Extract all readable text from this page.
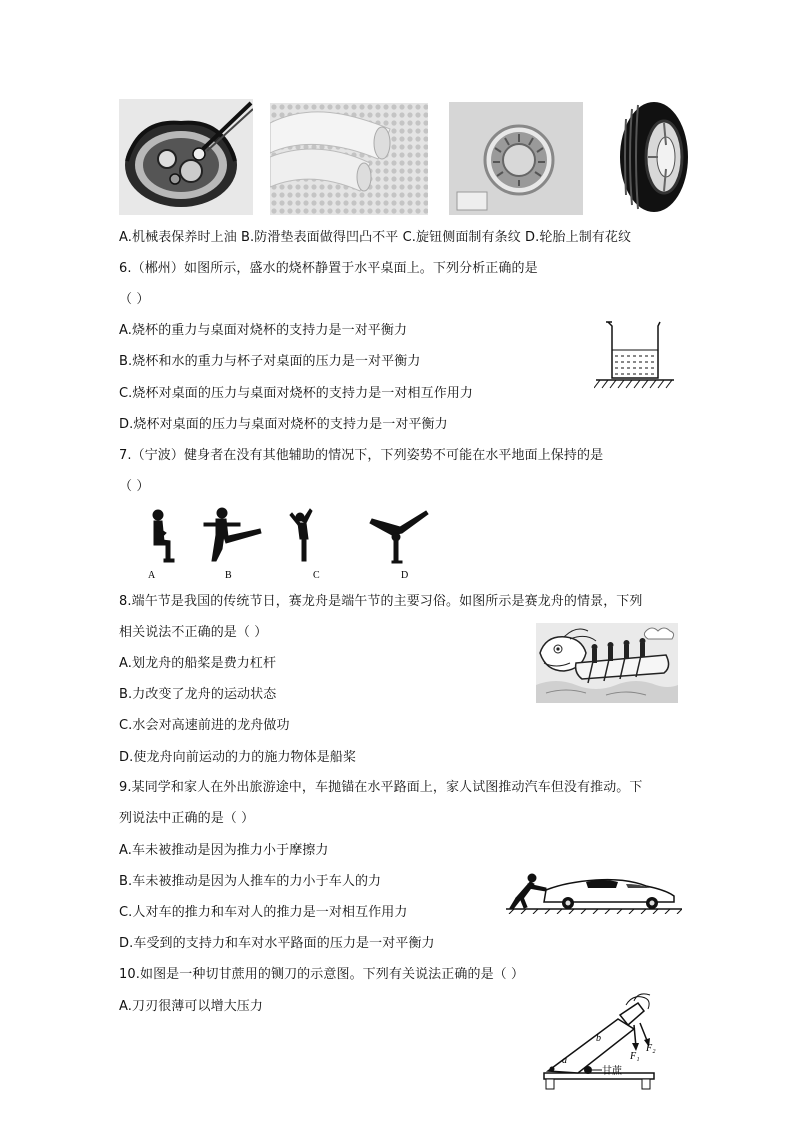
A.机械表保养时上油 B.防滑垫表面做得凹凸不平 C.旋钮侧面制有条纹 D.轮胎上制有花纹
6.（郴州）如图所示，盛水的烧杯静置于水平桌面上。下列分析正确的是
（ ）
A.烧杯的重力与桌面对烧杯的支持力是一对平衡力
B.烧杯和水的重力与杯子对桌面的压力是一对平衡力
C.烧杯对桌面的压力与桌面对烧杯的支持力是一对相互作用力
D.烧杯对桌面的压力与桌面对烧杯的支持力是一对平衡力
7.（宁波）健身者在没有其他辅助的情况下，下列姿势不可能在水平地面上保持的是
（ ）
A	B	C	D
8.端午节是我国的传统节日，赛龙舟是端午节的主要习俗。如图所示是赛龙舟的情景，下列
相关说法不正确的是（ ）
A.划龙舟的船桨是费力杠杆
B.力改变了龙舟的运动状态
C.水会对高速前进的龙舟做功
D.使龙舟向前运动的力的施力物体是船桨
9.某同学和家人在外出旅游途中，车抛锚在水平路面上，家人试图推动汽车但没有推动。下
列说法中正确的是（ ）
A.车未被推动是因为推力小于摩擦力
B.车未被推动是因为人推车的力小于车人的力
C.人对车的推力和车对人的推力是一对相互作用力
D.车受到的支持力和车对水平路面的压力是一对平衡力
10.如图是一种切甘蔗用的铡刀的示意图。下列有关说法正确的是（ ）
A.刀刃很薄可以增大压力
a
b
F₁
F₂
甘蔗
